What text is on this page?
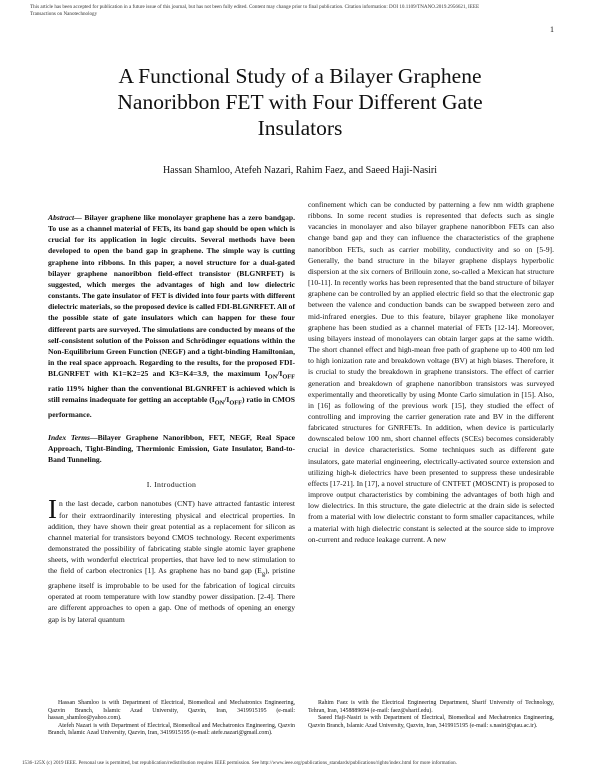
This article has been accepted for publication in a future issue of this journal, but has not been fully edited. Content may change prior to final publication. Citation information: DOI 10.1109/TNANO.2019.2956621, IEEE
Transactions on Nanotechnology
1
A Functional Study of a Bilayer Graphene
Nanoribbon FET with Four Different Gate
Insulators
Hassan Shamloo, Atefeh Nazari, Rahim Faez, and Saeed Haji-Nasiri

Abstract— Bilayer graphene like monolayer graphene has a zero bandgap. To use as a channel material of FETs, its band gap should be open which is crucial for its application in logic circuits. Several methods have been developed to open the band gap in graphene. The simple way is cutting graphene into ribbons. In this paper, a novel structure for a dual-gated bilayer graphene nanoribbon field-effect transistor (BLGNRFET) is suggested, which merges the advantages of high and low dielectric constants. The gate insulator of FET is divided into four parts with different dielectric materials, so the proposed device is called FDI-BLGNRFET. All of the possible state of gate insulators which can happen for these four different parts are surveyed. The simulations are conducted by means of the self-consistent solution of the Poisson and Schrödinger equations within the Non-Equilibrium Green Function (NEGF) and a tight-binding Hamiltonian, in the real space approach. Regarding to the results, for the proposed FDI-BLGNRFET with K1=K2=25 and K3=K4=3.9, the maximum $I_{ON}/I_{OFF}$ ratio 119% higher than the conventional BLGNRFET is achieved which is still remains inadequate for getting an acceptable $(I_{ON}/I_{OFF})$ ratio in CMOS performance.

Index Terms—Bilayer Graphene Nanoribbon, FET, NEGF, Real Space Approach, Tight-Binding, Thermionic Emission, Gate Insulator, Band-to-Band Tunneling.

I. Introduction

In the last decade, carbon nanotubes (CNT) have attracted fantastic interest for their extraordinarily interesting physical and electrical properties. In addition, they have shown their great potential as a replacement for silicon as channel material for transistors beyond CMOS technology. Recent experiments demonstrated the possibility of fabricating stable single atomic layer graphene sheets, with wonderful electrical properties, that have led to new stimulation to the field of carbon electronics [1]. As graphene has no band gap $(E_g)$, pristine graphene itself is improbable to be used for the fabrication of logical circuits operated at room temperature with low standby power dissipation. [2-4]. There are different approaches to open a gap. One of methods of opening an energy gap is by lateral quantum

confinement which can be conducted by patterning a few nm width graphene ribbons. In some recent studies is represented that defects such as single vacancies in monolayer and also bilayer graphene nanoribbon FETs can also change band gap and they can influence the characteristics of the graphene nanoribbon FETs, such as carrier mobility, conductivity and so on [5-9]. Generally, the band structure in the bilayer graphene displays hyperbolic dispersion at the six corners of Brillouin zone, so-called a Mexican hat structure [10-11]. In recently works has been represented that the band structure of bilayer graphene can be controlled by an applied electric field so that the electronic gap between the valence and conduction bands can be swapped between zero and mid-infrared energies. Due to this feature, bilayer graphene like monolayer graphene has been studied as a channel material of FETs [12-14]. Moreover, using bilayers instead of monolayers can obtain larger gaps at the same width. The short channel effect and high-mean free path of graphene up to 400 nm led to high ionization rate and breakdown voltage (BV) at high biases. Therefore, it is crucial to study the breakdown in graphene transistors. The effect of carrier generation and breakdown of graphene nanoribbon transistors was surveyed experimentally and theoretically by using Monte Carlo simulation in [15]. Also, in [16] as following of the previous work [15], they studied the effect of controlling and improving the carrier generation rate and BV in the different fabricated structures for GNRFETs. In addition, when device is particularly downscaled below 100 nm, short channel effects (SCEs) becomes considerably crucial in device characteristics. Some techniques such as different gate insulators, gate material engineering, electrically-activated source extension and utilizing high-k dielectrics have been presented to suppress these undesirable effects [17-21]. In [17], a novel structure of CNTFET (MOSCNT) is proposed to improve output characteristics by combining the advantages of both high and low dielectrics. In this structure, the gate dielectric at the drain side is selected from a material with low dielectric constant to form smaller capacitances, while a material with high dielectric constant is selected at the source side to improve on-current and reduce leakage current. A new

Hassan Shamloo is with Department of Electrical, Biomedical and Mechatronics Engineering, Qazvin Branch, Islamic Azad University, Qazvin, Iran, 3419915195 (e-mail: hassan_shamloo@yahoo.com).

Atefeh Nazari is with Department of Electrical, Biomedical and Mechatronics Engineering, Qazvin Branch, Islamic Azad University, Qazvin, Iran, 3419915195 (e-mail: atefe.nazari@gmail.com).

Rahim Faez is with the Electrical Engineering Department, Sharif University of Technology, Tehran, Iran, 1458889694 (e-mail: faez@sharif.edu).

Saeed Haji-Nasiri is with Department of Electrical, Biomedical and Mechatronics Engineering, Qazvin Branch, Islamic Azad University, Qazvin, Iran, 3419915195 (e-mail: s.nasiri@qiau.ac.ir).

1536-125X (c) 2019 IEEE. Personal use is permitted, but republication/redistribution requires IEEE permission. See http://www.ieee.org/publications_standards/publications/rights/index.html for more information.
